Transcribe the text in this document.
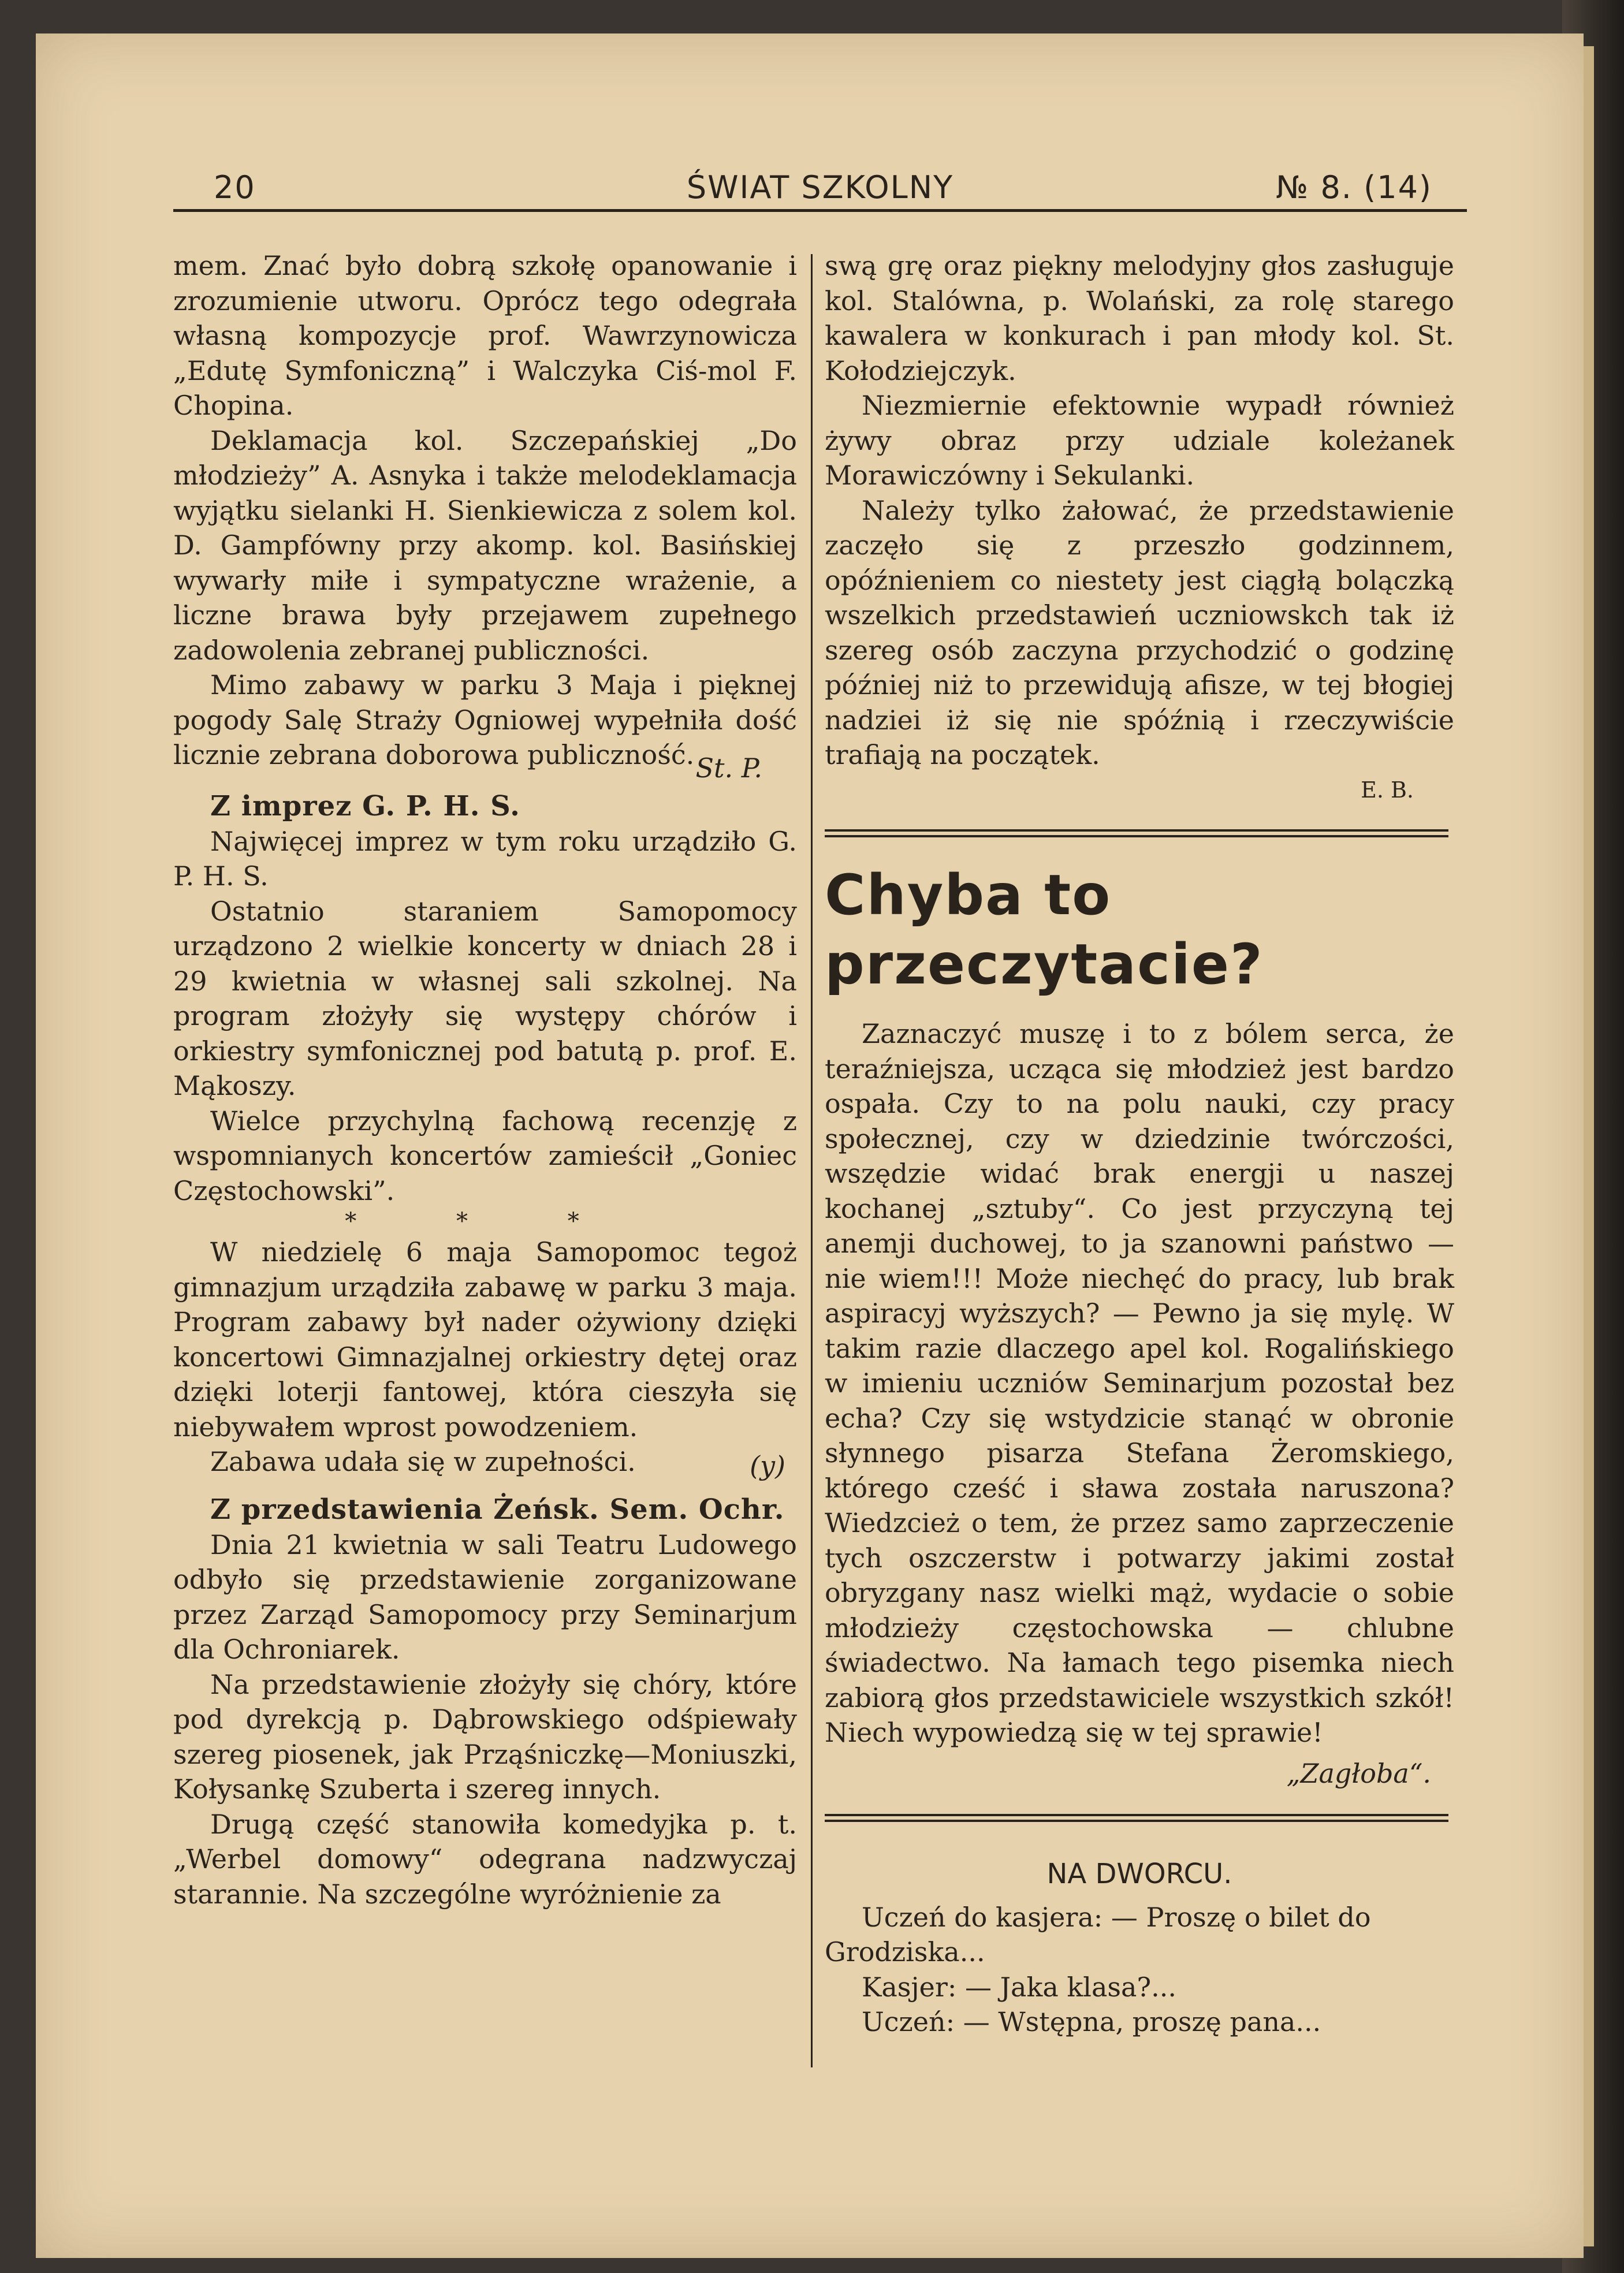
20	ŚWIAT SZKOLNY	№ 8. (14)

mem. Znać było dobrą szkołę opanowanie i zrozumienie utworu. Oprócz tego odegrała własną kompozycje prof. Wawrzynowicza „Edutę Symfoniczną” i Walczyka Ciś-mol F. Chopina.

Deklamacja kol. Szczepańskiej „Do młodzieży” A. Asnyka i także melodeklamacja wyjątku sielanki H. Sienkiewicza z solem kol. D. Gampfówny przy akomp. kol. Basińskiej wywarły miłe i sympatyczne wrażenie, a liczne brawa były przejawem zupełnego zadowolenia zebranej publiczności.

Mimo zabawy w parku 3 Maja i pięknej pogody Salę Straży Ogniowej wypełniła dość licznie zebrana doborowa publiczność. St. P.

Z imprez G. P. H. S.

Najwięcej imprez w tym roku urządziło G. P. H. S.

Ostatnio staraniem Samopomocy urządzono 2 wielkie koncerty w dniach 28 i 29 kwietnia w własnej sali szkolnej. Na program złożyły się występy chórów i orkiestry symfonicznej pod batutą p. prof. E. Mąkoszy.

Wielce przychylną fachową recenzję z wspomnianych koncertów zamieścił „Goniec Częstochowski”.

* * *

W niedzielę 6 maja Samopomoc tegoż gimnazjum urządziła zabawę w parku 3 maja. Program zabawy był nader ożywiony dzięki koncertowi Gimnazjalnej orkiestry dętej oraz dzięki loterji fantowej, która cieszyła się niebywałem wprost powodzeniem.

Zabawa udała się w zupełności.	(y)

Z przedstawienia Żeńsk. Sem. Ochr.

Dnia 21 kwietnia w sali Teatru Ludowego odbyło się przedstawienie zorganizowane przez Zarząd Samopomocy przy Seminarjum dla Ochroniarek.

Na przedstawienie złożyły się chóry, które pod dyrekcją p. Dąbrowskiego odśpiewały szereg piosenek, jak Prząśniczkę—Moniuszki, Kołysankę Szuberta i szereg innych.

Drugą część stanowiła komedyjka p. t. „Werbel domowy“ odegrana nadzwyczaj starannie. Na szczególne wyróżnienie za

swą grę oraz piękny melodyjny głos zasługuje kol. Stalówna, p. Wolański, za rolę starego kawalera w konkurach i pan młody kol. St. Kołodziejczyk.

Niezmiernie efektownie wypadł również żywy obraz przy udziale koleżanek Morawiczówny i Sekulanki.

Należy tylko żałować, że przedstawienie zaczęło się z przeszło godzinnem, opóźnieniem co niestety jest ciągłą bolączką wszelkich przedstawień uczniowskch tak iż szereg osób zaczyna przychodzić o godzinę później niż to przewidują afisze, w tej błogiej nadziei iż się nie spóźnią i rzeczywiście trafiają na początek.

E. B.

Chyba to przeczytacie?

Zaznaczyć muszę i to z bólem serca, że teraźniejsza, ucząca się młodzież jest bardzo ospała. Czy to na polu nauki, czy pracy społecznej, czy w dziedzinie twórczości, wszędzie widać brak energji u naszej kochanej „sztuby“. Co jest przyczyną tej anemji duchowej, to ja szanowni państwo — nie wiem!!! Może niechęć do pracy, lub brak aspiracyj wyższych? — Pewno ja się mylę. W takim razie dlaczego apel kol. Rogalińskiego w imieniu uczniów Seminarjum pozostał bez echa? Czy się wstydzicie stanąć w obronie słynnego pisarza Stefana Żeromskiego, którego cześć i sława została naruszona? Wiedzcież o tem, że przez samo zaprzeczenie tych oszczerstw i potwarzy jakimi został obryzgany nasz wielki mąż, wydacie o sobie młodzieży częstochowska — chlubne świadectwo. Na łamach tego pisemka niech zabiorą głos przedstawiciele wszystkich szkół! Niech wypowiedzą się w tej sprawie!

„Zagłoba“.

NA DWORCU.

Uczeń do kasjera: — Proszę o bilet do Grodziska...

Kasjer: — Jaka klasa?...

Uczeń: — Wstępna, proszę pana...
